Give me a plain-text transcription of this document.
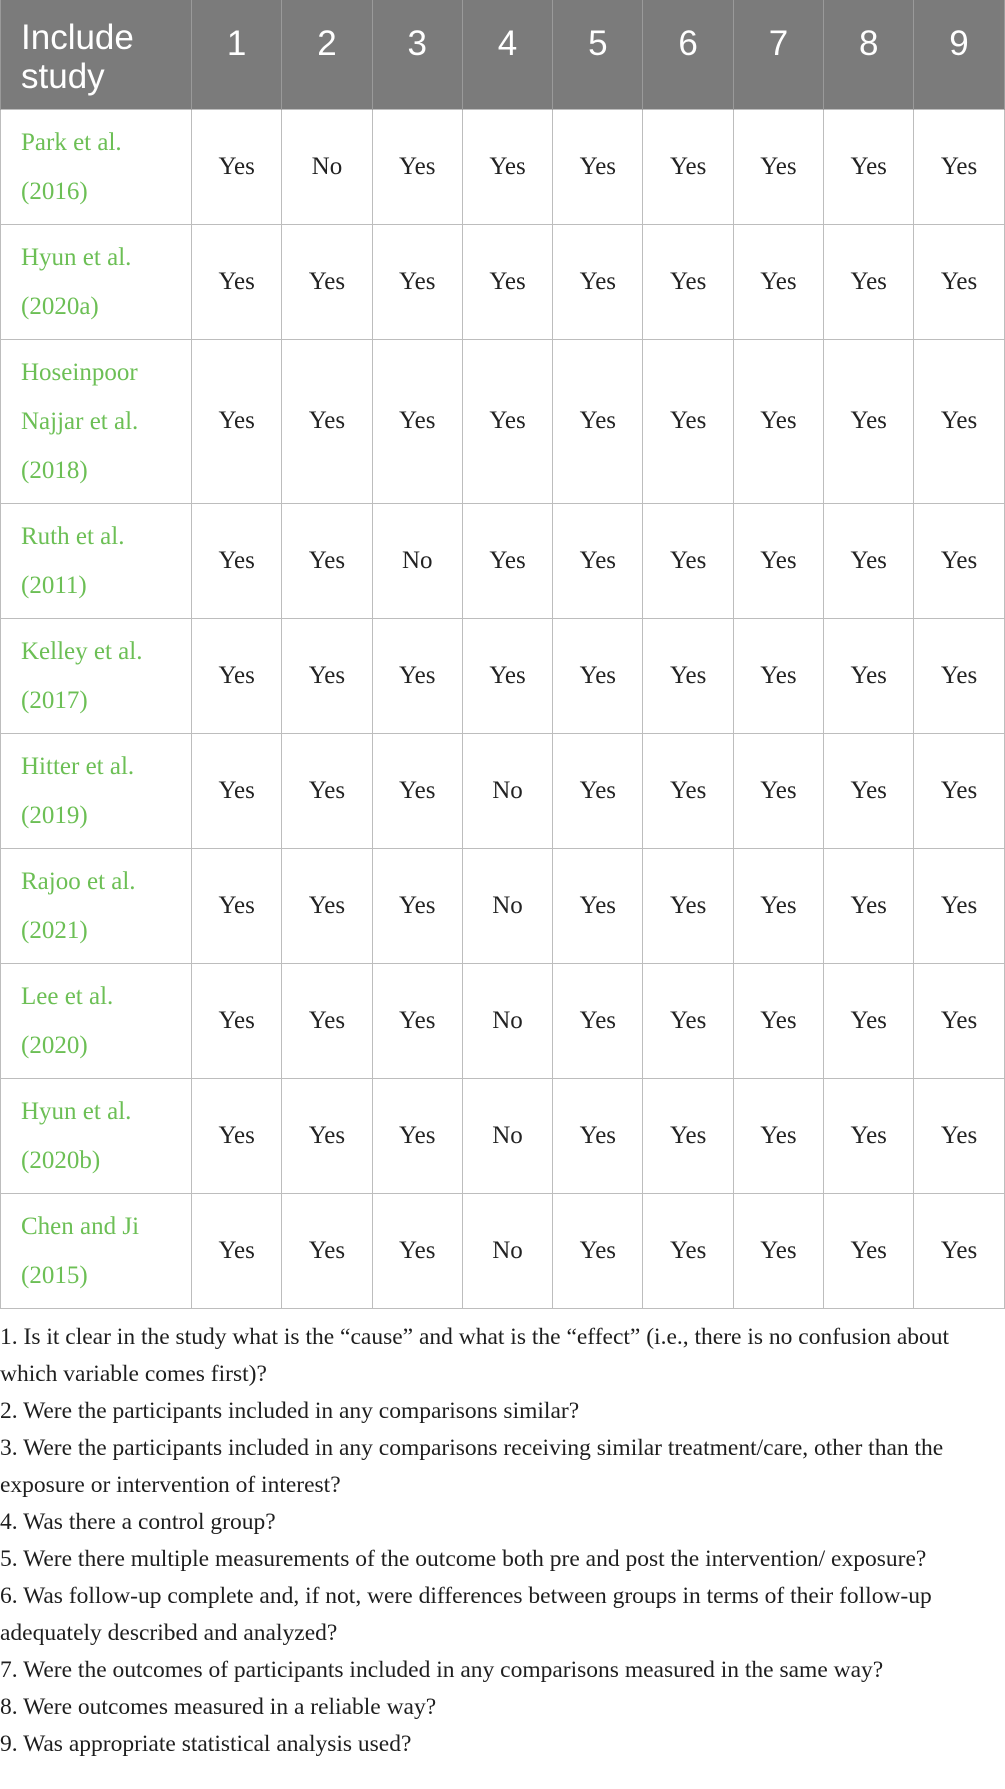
Include study	1	2	3	4	5	6	7	8	9
Park et al. (2016)	Yes	No	Yes	Yes	Yes	Yes	Yes	Yes	Yes
Hyun et al. (2020a)	Yes	Yes	Yes	Yes	Yes	Yes	Yes	Yes	Yes
Hoseinpoor Najjar et al. (2018)	Yes	Yes	Yes	Yes	Yes	Yes	Yes	Yes	Yes
Ruth et al. (2011)	Yes	Yes	No	Yes	Yes	Yes	Yes	Yes	Yes
Kelley et al. (2017)	Yes	Yes	Yes	Yes	Yes	Yes	Yes	Yes	Yes
Hitter et al. (2019)	Yes	Yes	Yes	No	Yes	Yes	Yes	Yes	Yes
Rajoo et al. (2021)	Yes	Yes	Yes	No	Yes	Yes	Yes	Yes	Yes
Lee et al. (2020)	Yes	Yes	Yes	No	Yes	Yes	Yes	Yes	Yes
Hyun et al. (2020b)	Yes	Yes	Yes	No	Yes	Yes	Yes	Yes	Yes
Chen and Ji (2015)	Yes	Yes	Yes	No	Yes	Yes	Yes	Yes	Yes
1. Is it clear in the study what is the “cause” and what is the “effect” (i.e., there is no confusion about which variable comes first)?
2. Were the participants included in any comparisons similar?
3. Were the participants included in any comparisons receiving similar treatment/care, other than the exposure or intervention of interest?
4. Was there a control group?
5. Were there multiple measurements of the outcome both pre and post the intervention/ exposure?
6. Was follow-up complete and, if not, were differences between groups in terms of their follow-up adequately described and analyzed?
7. Were the outcomes of participants included in any comparisons measured in the same way?
8. Were outcomes measured in a reliable way?
9. Was appropriate statistical analysis used?
